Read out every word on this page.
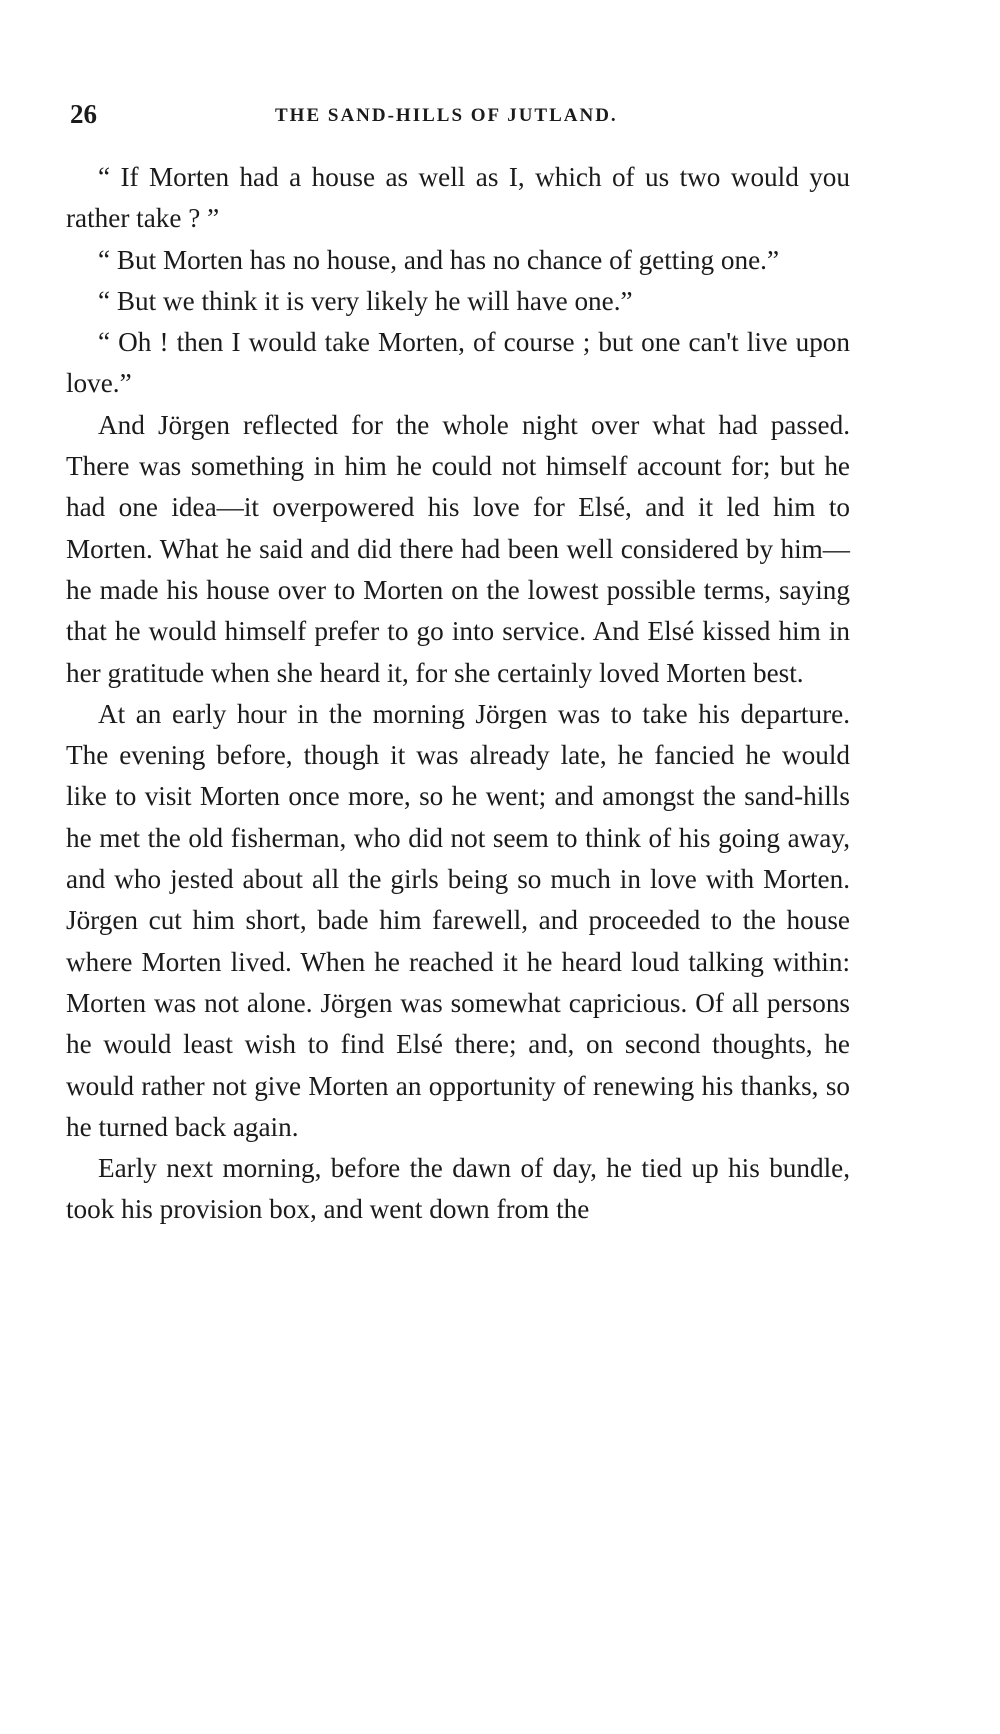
26	THE SAND-HILLS OF JUTLAND.

“ If Morten had a house as well as I, which of us two would you rather take ? ”

“ But Morten has no house, and has no chance of getting one.”

“ But we think it is very likely he will have one.”

“ Oh ! then I would take Morten, of course ; but one can't live upon love.”

And Jörgen reflected for the whole night over what had passed. There was something in him he could not himself account for; but he had one idea—it overpowered his love for Elsé, and it led him to Morten. What he said and did there had been well considered by him—he made his house over to Morten on the lowest possible terms, saying that he would himself prefer to go into service. And Elsé kissed him in her gratitude when she heard it, for she certainly loved Morten best.

At an early hour in the morning Jörgen was to take his departure. The evening before, though it was already late, he fancied he would like to visit Morten once more, so he went; and amongst the sand-hills he met the old fisherman, who did not seem to think of his going away, and who jested about all the girls being so much in love with Morten. Jörgen cut him short, bade him farewell, and proceeded to the house where Morten lived. When he reached it he heard loud talking within: Morten was not alone. Jörgen was somewhat capricious. Of all persons he would least wish to find Elsé there; and, on second thoughts, he would rather not give Morten an opportunity of renewing his thanks, so he turned back again.

Early next morning, before the dawn of day, he tied up his bundle, took his provision box, and went down from the
